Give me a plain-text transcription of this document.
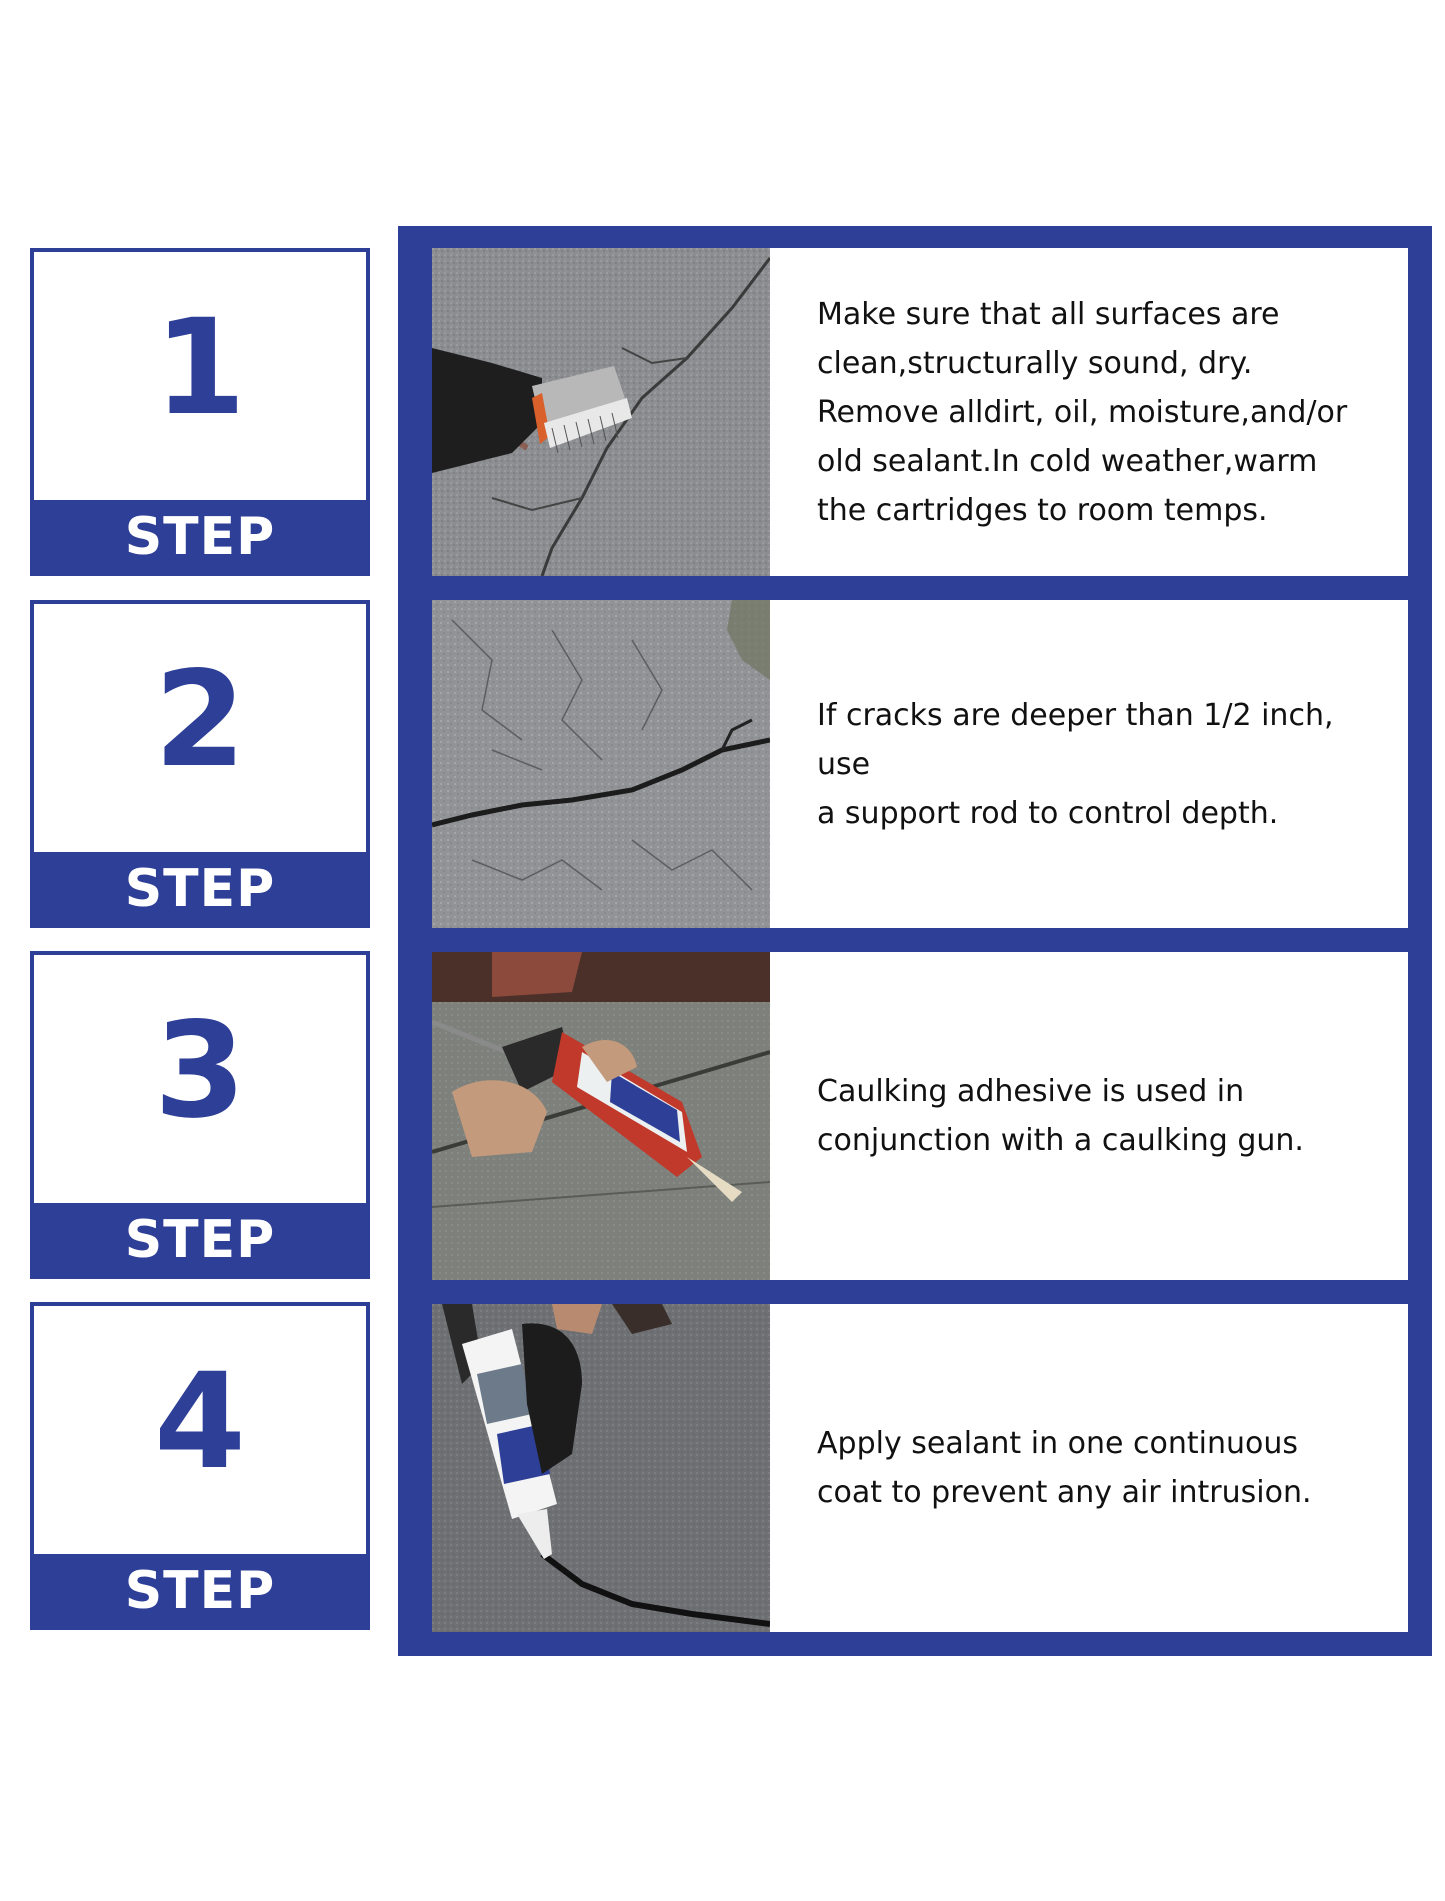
1
STEP
2
STEP
3
STEP
4
STEP
Make sure that all surfaces are
clean,structurally sound, dry.
Remove alldirt, oil, moisture,and/or
old sealant.In cold weather,warm
the cartridges to room temps.
If cracks are deeper than 1/2 inch, use
a support rod to control depth.
Caulking adhesive is used in
conjunction with a caulking gun.
Apply sealant in one continuous
coat to prevent any air intrusion.
